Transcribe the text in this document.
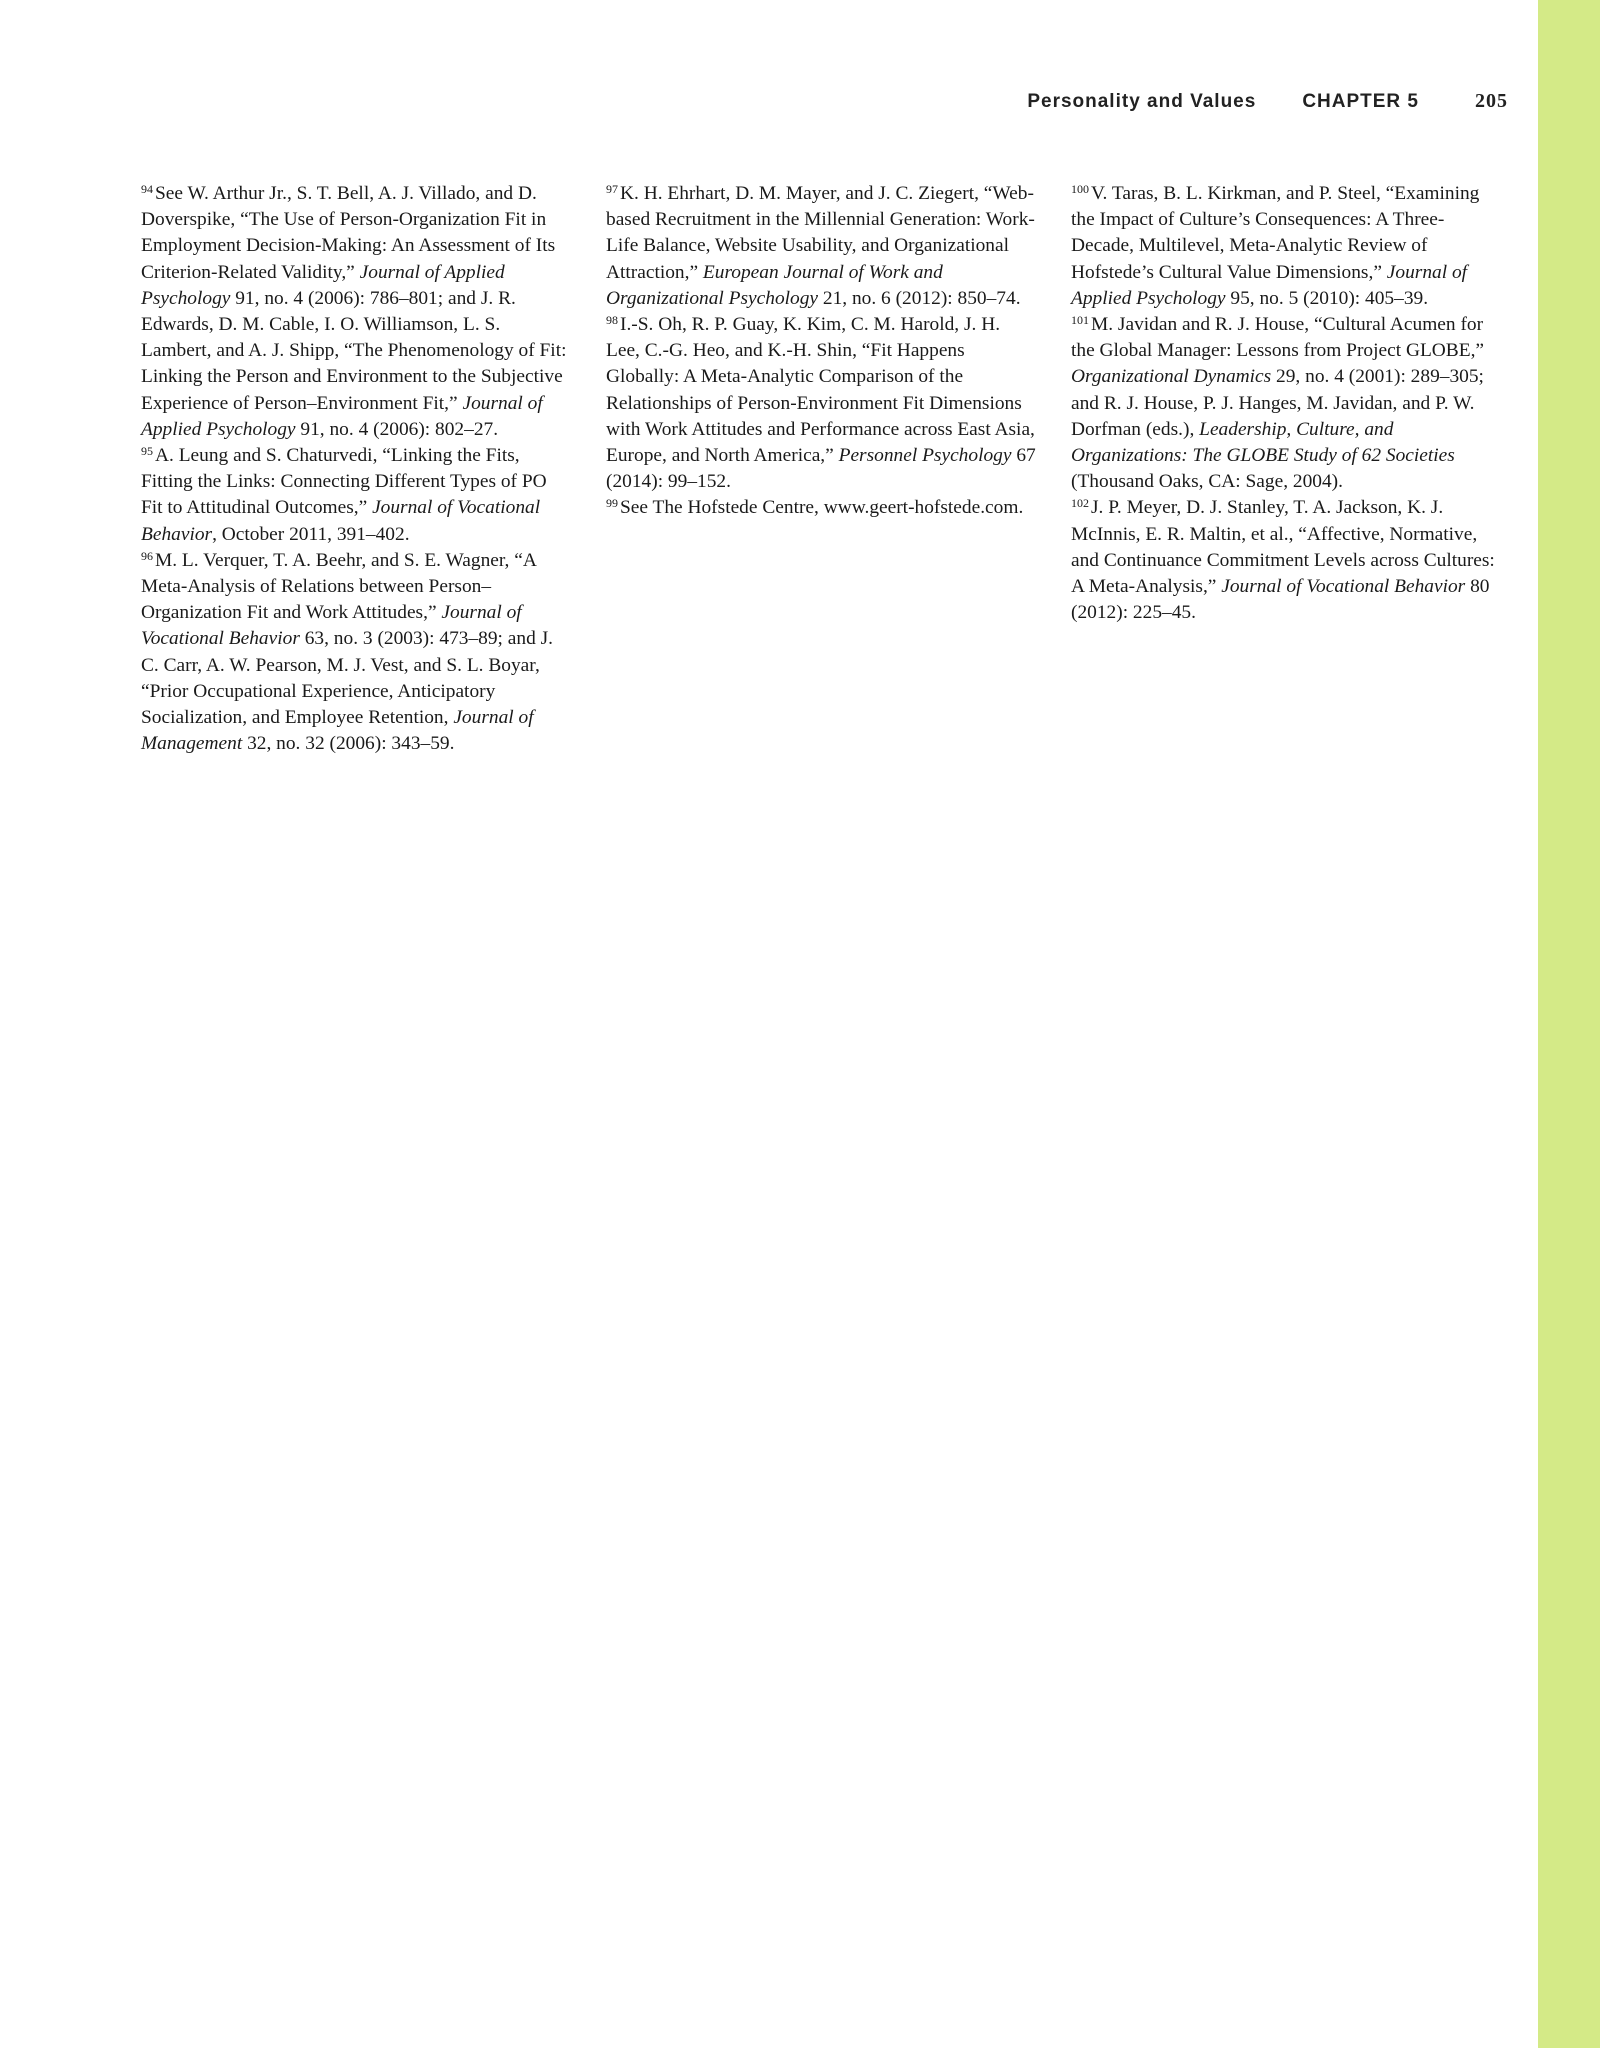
Personality and Values CHAPTER 5	205

$^{94}$ See W. Arthur Jr., S. T. Bell, A. J. Villado, and D. Doverspike, “The Use of Person-Organization Fit in Employment Decision-Making: An Assessment of Its Criterion-Related Validity,” Journal of Applied Psychology 91, no. 4 (2006): 786–801; and J. R. Edwards, D. M. Cable, I. O. Williamson, L. S. Lambert, and A. J. Shipp, “The Phenomenology of Fit: Linking the Person and Environment to the Subjective Experience of Person–Environment Fit,” Journal of Applied Psychology 91, no. 4 (2006): 802–27.

$^{95}$ A. Leung and S. Chaturvedi, “Linking the Fits, Fitting the Links: Connecting Different Types of PO Fit to Attitudinal Outcomes,” Journal of Vocational Behavior, October 2011, 391–402.

$^{96}$ M. L. Verquer, T. A. Beehr, and S. E. Wagner, “A Meta-Analysis of Relations between Person–Organization Fit and Work Attitudes,” Journal of Vocational Behavior 63, no. 3 (2003): 473–89; and J. C. Carr, A. W. Pearson, M. J. Vest, and S. L. Boyar, “Prior Occupational Experience, Anticipatory Socialization, and Employee Retention, Journal of Management 32, no. 32 (2006): 343–59.

$^{97}$ K. H. Ehrhart, D. M. Mayer, and J. C. Ziegert, “Web-based Recruitment in the Millennial Generation: Work-Life Balance, Website Usability, and Organizational Attraction,” European Journal of Work and Organizational Psychology 21, no. 6 (2012): 850–74.

$^{98}$ I.-S. Oh, R. P. Guay, K. Kim, C. M. Harold, J. H. Lee, C.-G. Heo, and K.-H. Shin, “Fit Happens Globally: A Meta-Analytic Comparison of the Relationships of Person-Environment Fit Dimensions with Work Attitudes and Performance across East Asia, Europe, and North America,” Personnel Psychology 67 (2014): 99–152.

$^{99}$ See The Hofstede Centre, www.geert-hofstede.com.

$^{100}$ V. Taras, B. L. Kirkman, and P. Steel, “Examining the Impact of Culture’s Consequences: A Three-Decade, Multilevel, Meta-Analytic Review of Hofstede’s Cultural Value Dimensions,” Journal of Applied Psychology 95, no. 5 (2010): 405–39.

$^{101}$ M. Javidan and R. J. House, “Cultural Acumen for the Global Manager: Lessons from Project GLOBE,” Organizational Dynamics 29, no. 4 (2001): 289–305; and R. J. House, P. J. Hanges, M. Javidan, and P. W. Dorfman (eds.), Leadership, Culture, and Organizations: The GLOBE Study of 62 Societies (Thousand Oaks, CA: Sage, 2004).

$^{102}$ J. P. Meyer, D. J. Stanley, T. A. Jackson, K. J. McInnis, E. R. Maltin, et al., “Affective, Normative, and Continuance Commitment Levels across Cultures: A Meta-Analysis,” Journal of Vocational Behavior 80 (2012): 225–45.
